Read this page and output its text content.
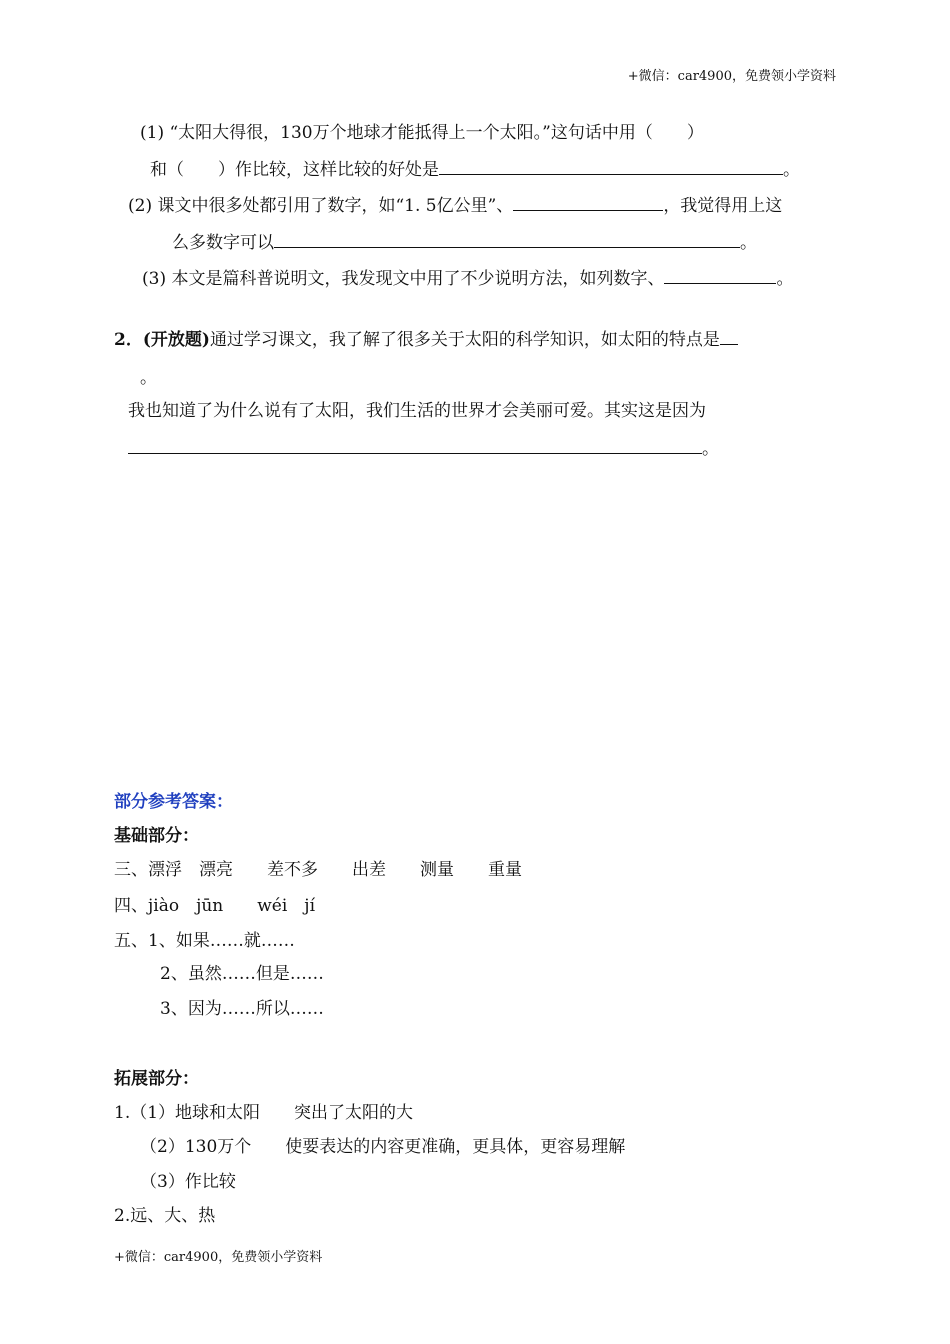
+微信：car4900，免费领小学资料
(1) “太阳大得很，130万个地球才能抵得上一个太阳。”这句话中用（　　）
和（　　）作比较，这样比较的好处是	。
(2) 课文中很多处都引用了数字，如“1. 5亿公里”、	，我觉得用上这
么多数字可以	。
(3) 本文是篇科普说明文，我发现文中用了不少说明方法，如列数字、	。
2．(开放题)通过学习课文，我了解了很多关于太阳的科学知识，如太阳的特点是
。
我也知道了为什么说有了太阳，我们生活的世界才会美丽可爱。其实这是因为
。
部分参考答案：
基础部分：
三、漂浮　漂亮　　差不多　　出差　　测量　　重量
四、jiào　jūn　　wéi　jí
五、1、如果……就……
2、虽然……但是……
3、因为……所以……
拓展部分：
1.（1）地球和太阳　　突出了太阳的大
（2）130万个　　使要表达的内容更准确，更具体，更容易理解
（3）作比较
2.远、大、热
+微信：car4900，免费领小学资料
